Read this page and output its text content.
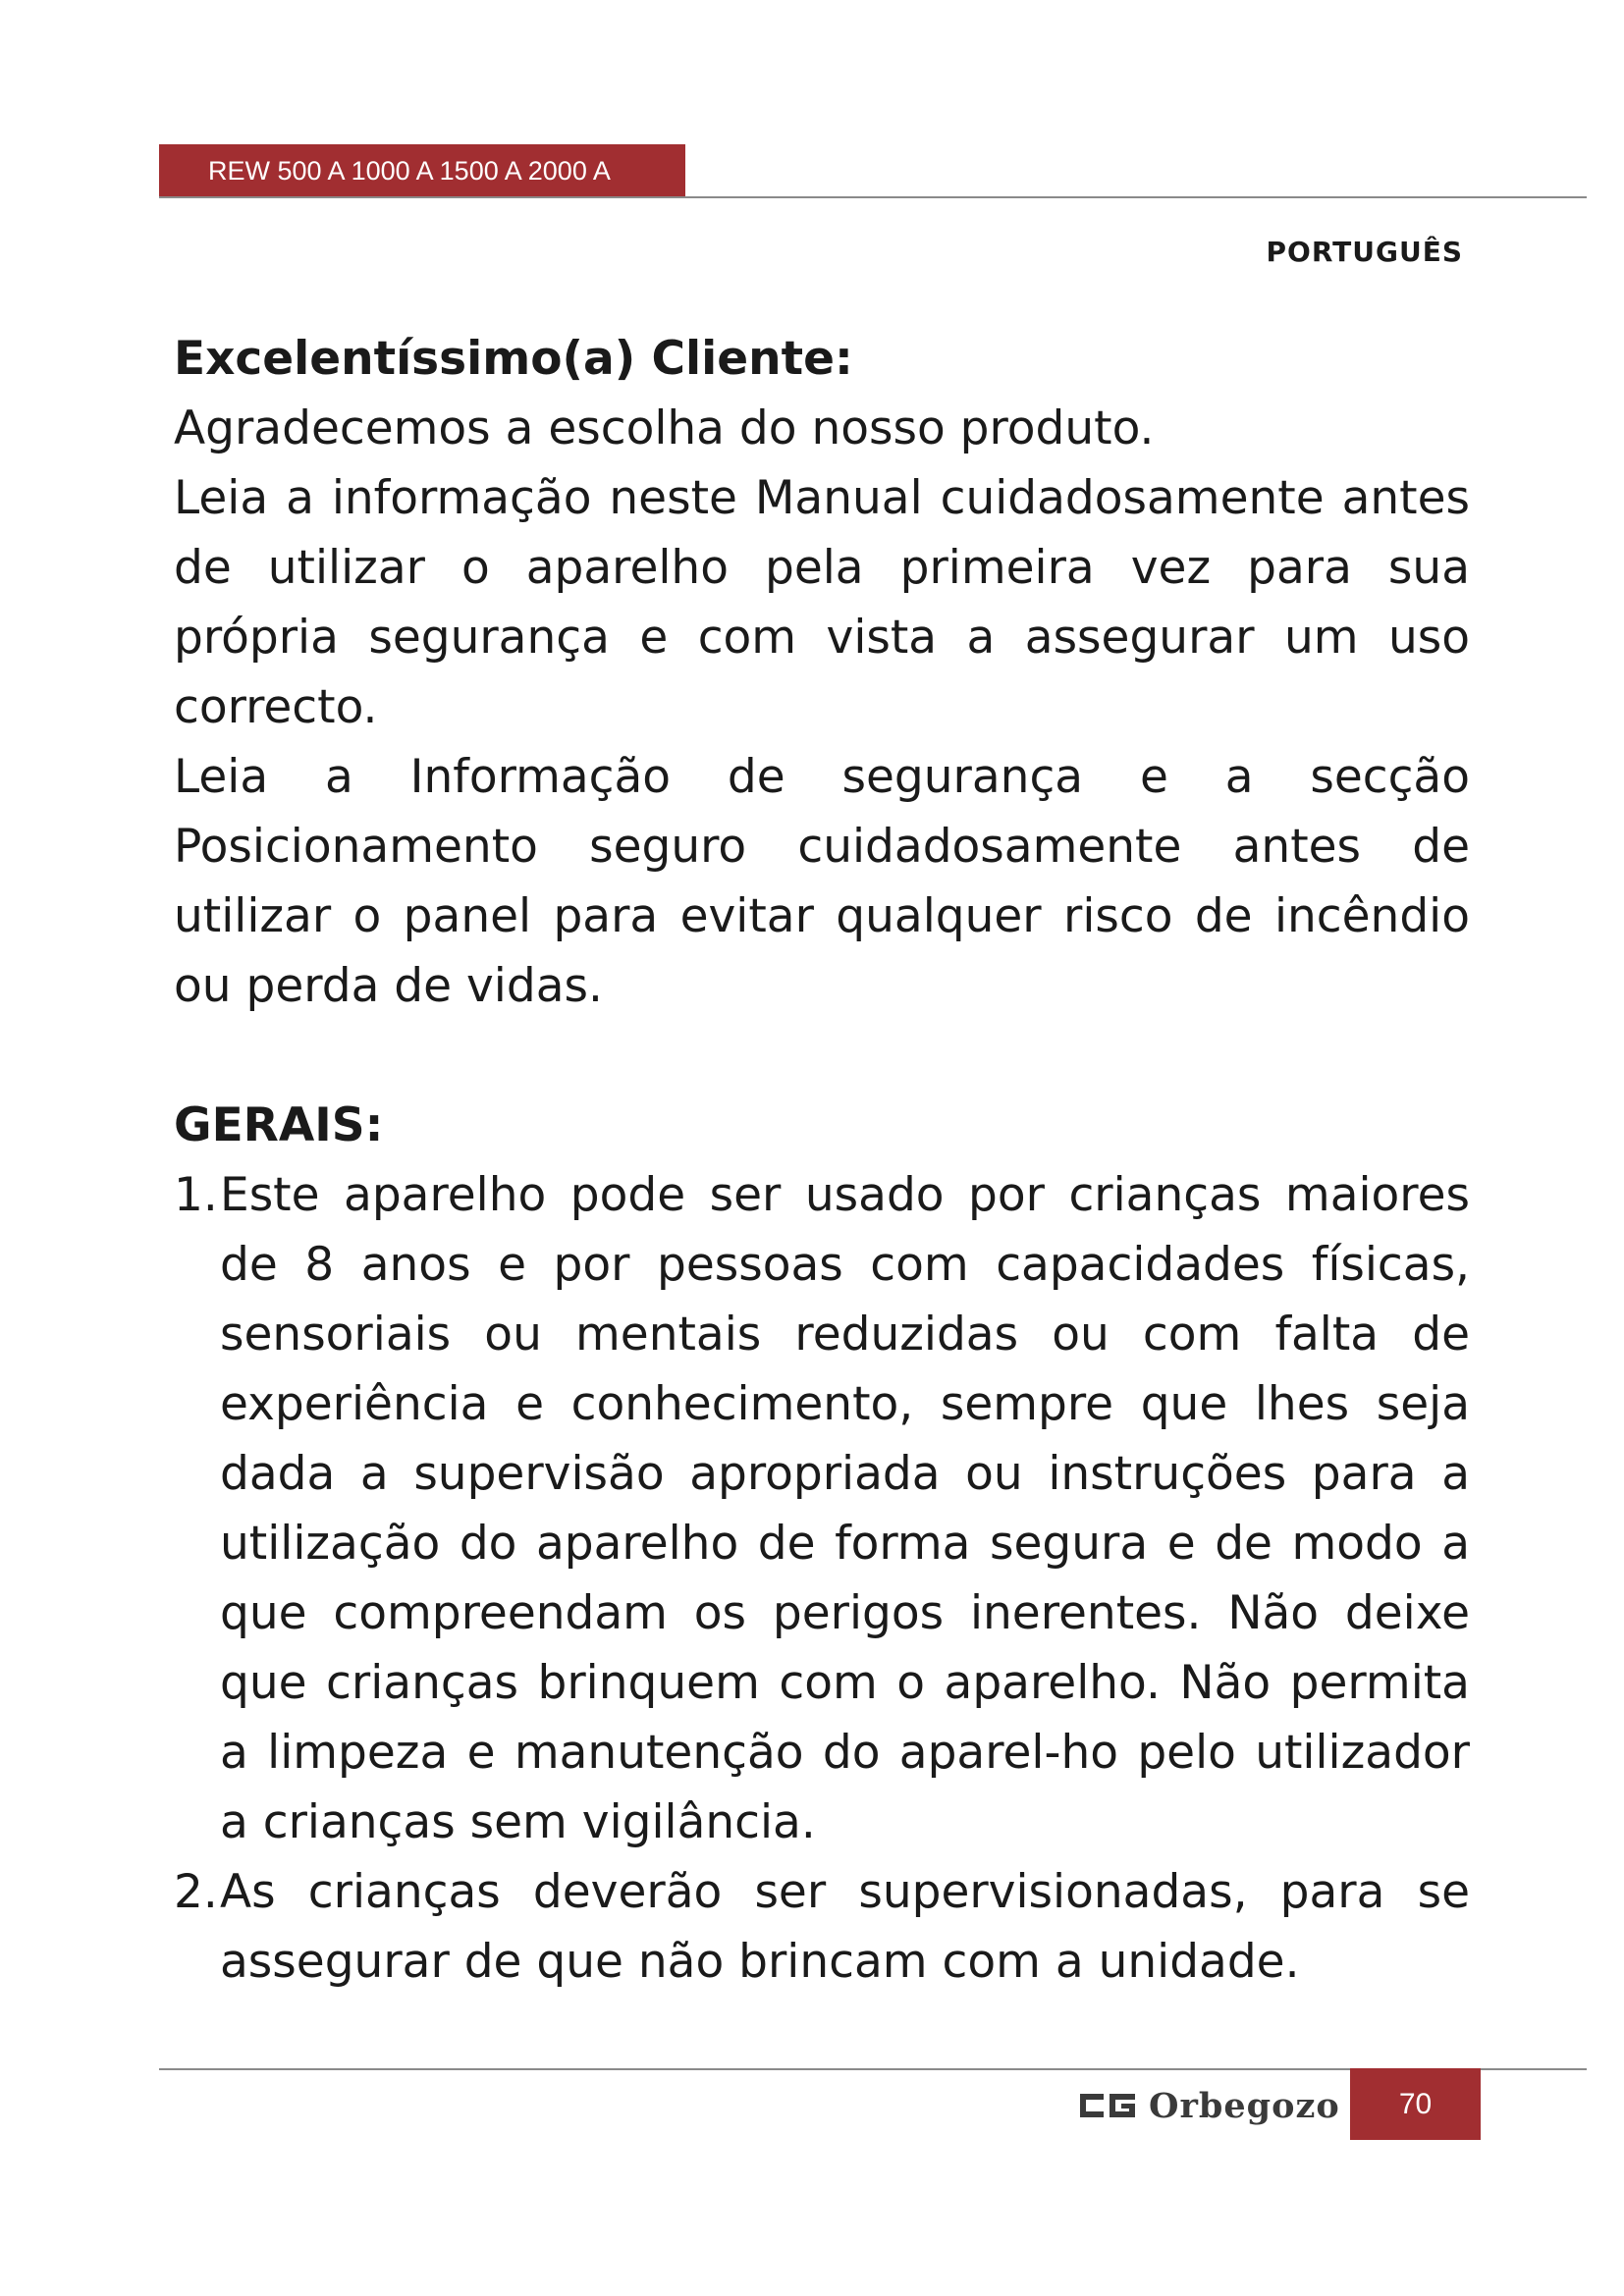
REW 500 A 1000 A 1500 A 2000 A
PORTUGUÊS

Excelentíssimo(a) Cliente:

Agradecemos a escolha do nosso produto.

Leia a informação neste Manual cuidadosamente antes de utilizar o aparelho pela primeira vez para sua própria segurança e com vista a assegurar um uso correcto.

Leia a Informação de segurança e a secção Posicionamento seguro cuidadosamente antes de utilizar o panel para evitar qualquer risco de incêndio ou perda de vidas.

GERAIS:

1. Este aparelho pode ser usado por crianças maiores de 8 anos e por pessoas com capacidades físicas, sensoriais ou mentais reduzidas ou com falta de experiência e conhecimento, sempre que lhes seja dada a supervisão apropriada ou instruções para a utilização do aparelho de forma segura e de modo a que compreendam os perigos inerentes. Não deixe que crianças brinquem com o aparelho. Não permita a limpeza e manutenção do aparel-ho pelo utilizador a crianças sem vigilância.
2. As crianças deverão ser supervisionadas, para se assegurar de que não brincam com a unidade.
Orbegozo 70
